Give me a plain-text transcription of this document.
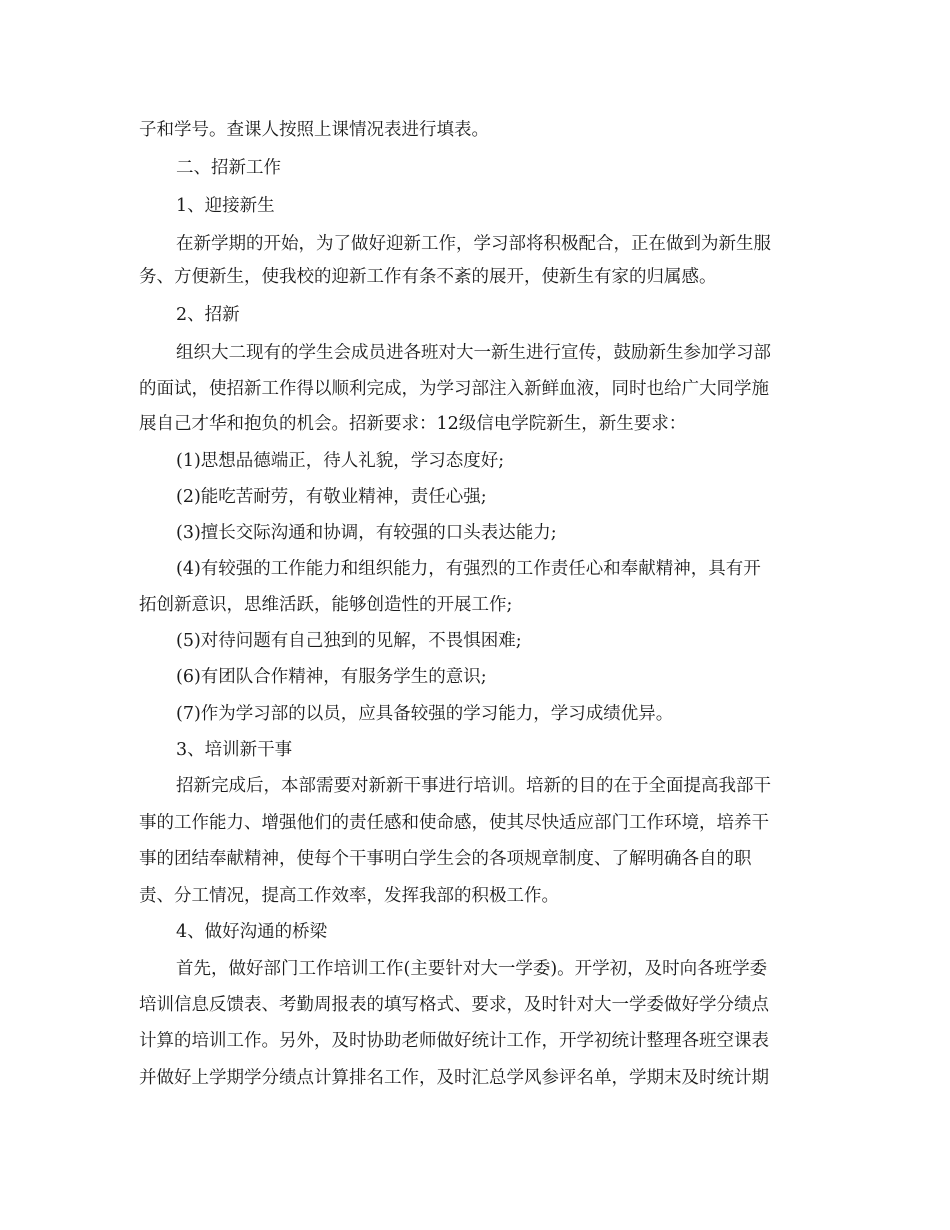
子和学号。查课人按照上课情况表进行填表。
二、招新工作
1、迎接新生
在新学期的开始，为了做好迎新工作，学习部将积极配合，正在做到为新生服
务、方便新生，使我校的迎新工作有条不紊的展开，使新生有家的归属感。
2、招新
组织大二现有的学生会成员进各班对大一新生进行宣传，鼓励新生参加学习部
的面试，使招新工作得以顺利完成，为学习部注入新鲜血液，同时也给广大同学施
展自己才华和抱负的机会。招新要求：12级信电学院新生，新生要求：
(1)思想品德端正，待人礼貌，学习态度好;
(2)能吃苦耐劳，有敬业精神，责任心强;
(3)擅长交际沟通和协调，有较强的口头表达能力;
(4)有较强的工作能力和组织能力，有强烈的工作责任心和奉献精神，具有开
拓创新意识，思维活跃，能够创造性的开展工作;
(5)对待问题有自己独到的见解，不畏惧困难;
(6)有团队合作精神，有服务学生的意识;
(7)作为学习部的以员，应具备较强的学习能力，学习成绩优异。
3、培训新干事
招新完成后，本部需要对新新干事进行培训。培新的目的在于全面提高我部干
事的工作能力、增强他们的责任感和使命感，使其尽快适应部门工作环境，培养干
事的团结奉献精神，使每个干事明白学生会的各项规章制度、了解明确各自的职
责、分工情况，提高工作效率，发挥我部的积极工作。
4、做好沟通的桥梁
首先，做好部门工作培训工作(主要针对大一学委)。开学初，及时向各班学委
培训信息反馈表、考勤周报表的填写格式、要求，及时针对大一学委做好学分绩点
计算的培训工作。另外，及时协助老师做好统计工作，开学初统计整理各班空课表
并做好上学期学分绩点计算排名工作，及时汇总学风参评名单，学期末及时统计期
